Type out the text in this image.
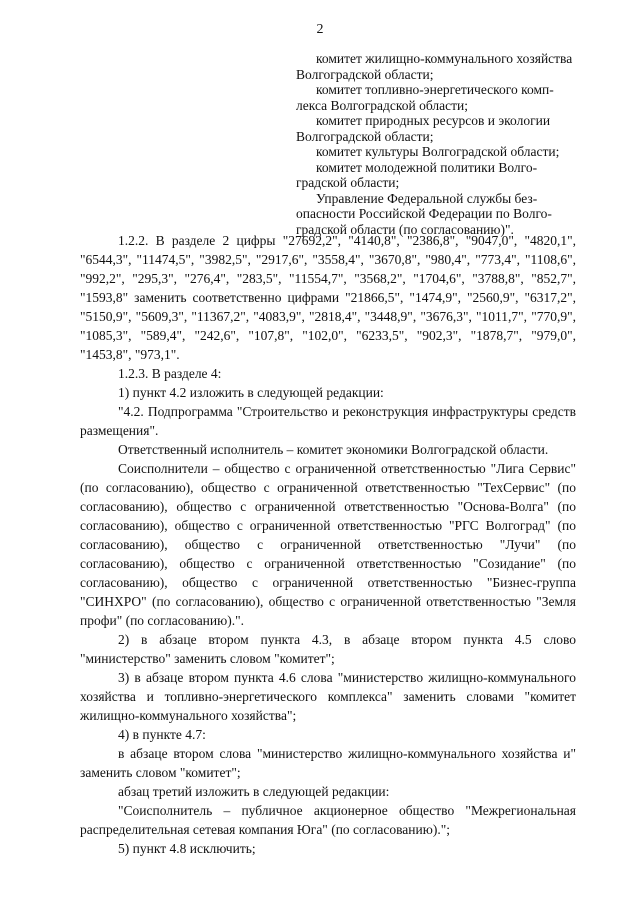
2
комитет жилищно-коммунального хозяйства
Волгоградской области;
комитет топливно-энергетического комп-
лекса Волгоградской области;
комитет природных ресурсов и экологии
Волгоградской области;
комитет культуры Волгоградской области;
комитет молодежной политики Волго-
градской области;
Управление Федеральной службы без-
опасности Российской Федерации по Волго-
градской области (по согласованию)".

1.2.2. В разделе 2 цифры "27692,2", "4140,8", "2386,8", "9047,0", "4820,1", "6544,3", "11474,5", "3982,5", "2917,6", "3558,4", "3670,8", "980,4", "773,4", "1108,6", "992,2", "295,3", "276,4", "283,5", "11554,7", "3568,2", "1704,6", "3788,8", "852,7", "1593,8" заменить соответственно цифрами "21866,5", "1474,9", "2560,9", "6317,2", "5150,9", "5609,3", "11367,2", "4083,9", "2818,4", "3448,9", "3676,3", "1011,7", "770,9", "1085,3", "589,4", "242,6", "107,8", "102,0", "6233,5", "902,3", "1878,7", "979,0", "1453,8", "973,1".

1.2.3. В разделе 4:

1) пункт 4.2 изложить в следующей редакции:

"4.2. Подпрограмма "Строительство и реконструкция инфраструктуры средств размещения".

Ответственный исполнитель – комитет экономики Волгоградской области.

Соисполнители – общество с ограниченной ответственностью "Лига Сервис" (по согласованию), общество с ограниченной ответственностью "ТехСервис" (по согласованию), общество с ограниченной ответственностью "Основа-Волга" (по согласованию), общество с ограниченной ответственностью "РГС Волгоград" (по согласованию), общество с ограниченной ответственностью "Лучи" (по согласованию), общество с ограниченной ответственностью "Созидание" (по согласованию), общество с ограниченной ответственностью "Бизнес-группа "СИНХРО" (по согласованию), общество с ограниченной ответственностью "Земля профи" (по согласованию).".

2) в абзаце втором пункта 4.3, в абзаце втором пункта 4.5 слово "министерство" заменить словом "комитет";

3) в абзаце втором пункта 4.6 слова "министерство жилищно-коммунального хозяйства и топливно-энергетического комплекса" заменить словами "комитет жилищно-коммунального хозяйства";

4) в пункте 4.7:

в абзаце втором слова "министерство жилищно-коммунального хозяйства и" заменить словом "комитет";

абзац третий изложить в следующей редакции:

"Соисполнитель – публичное акционерное общество "Межрегиональная распределительная сетевая компания Юга" (по согласованию).";

5) пункт 4.8 исключить;
